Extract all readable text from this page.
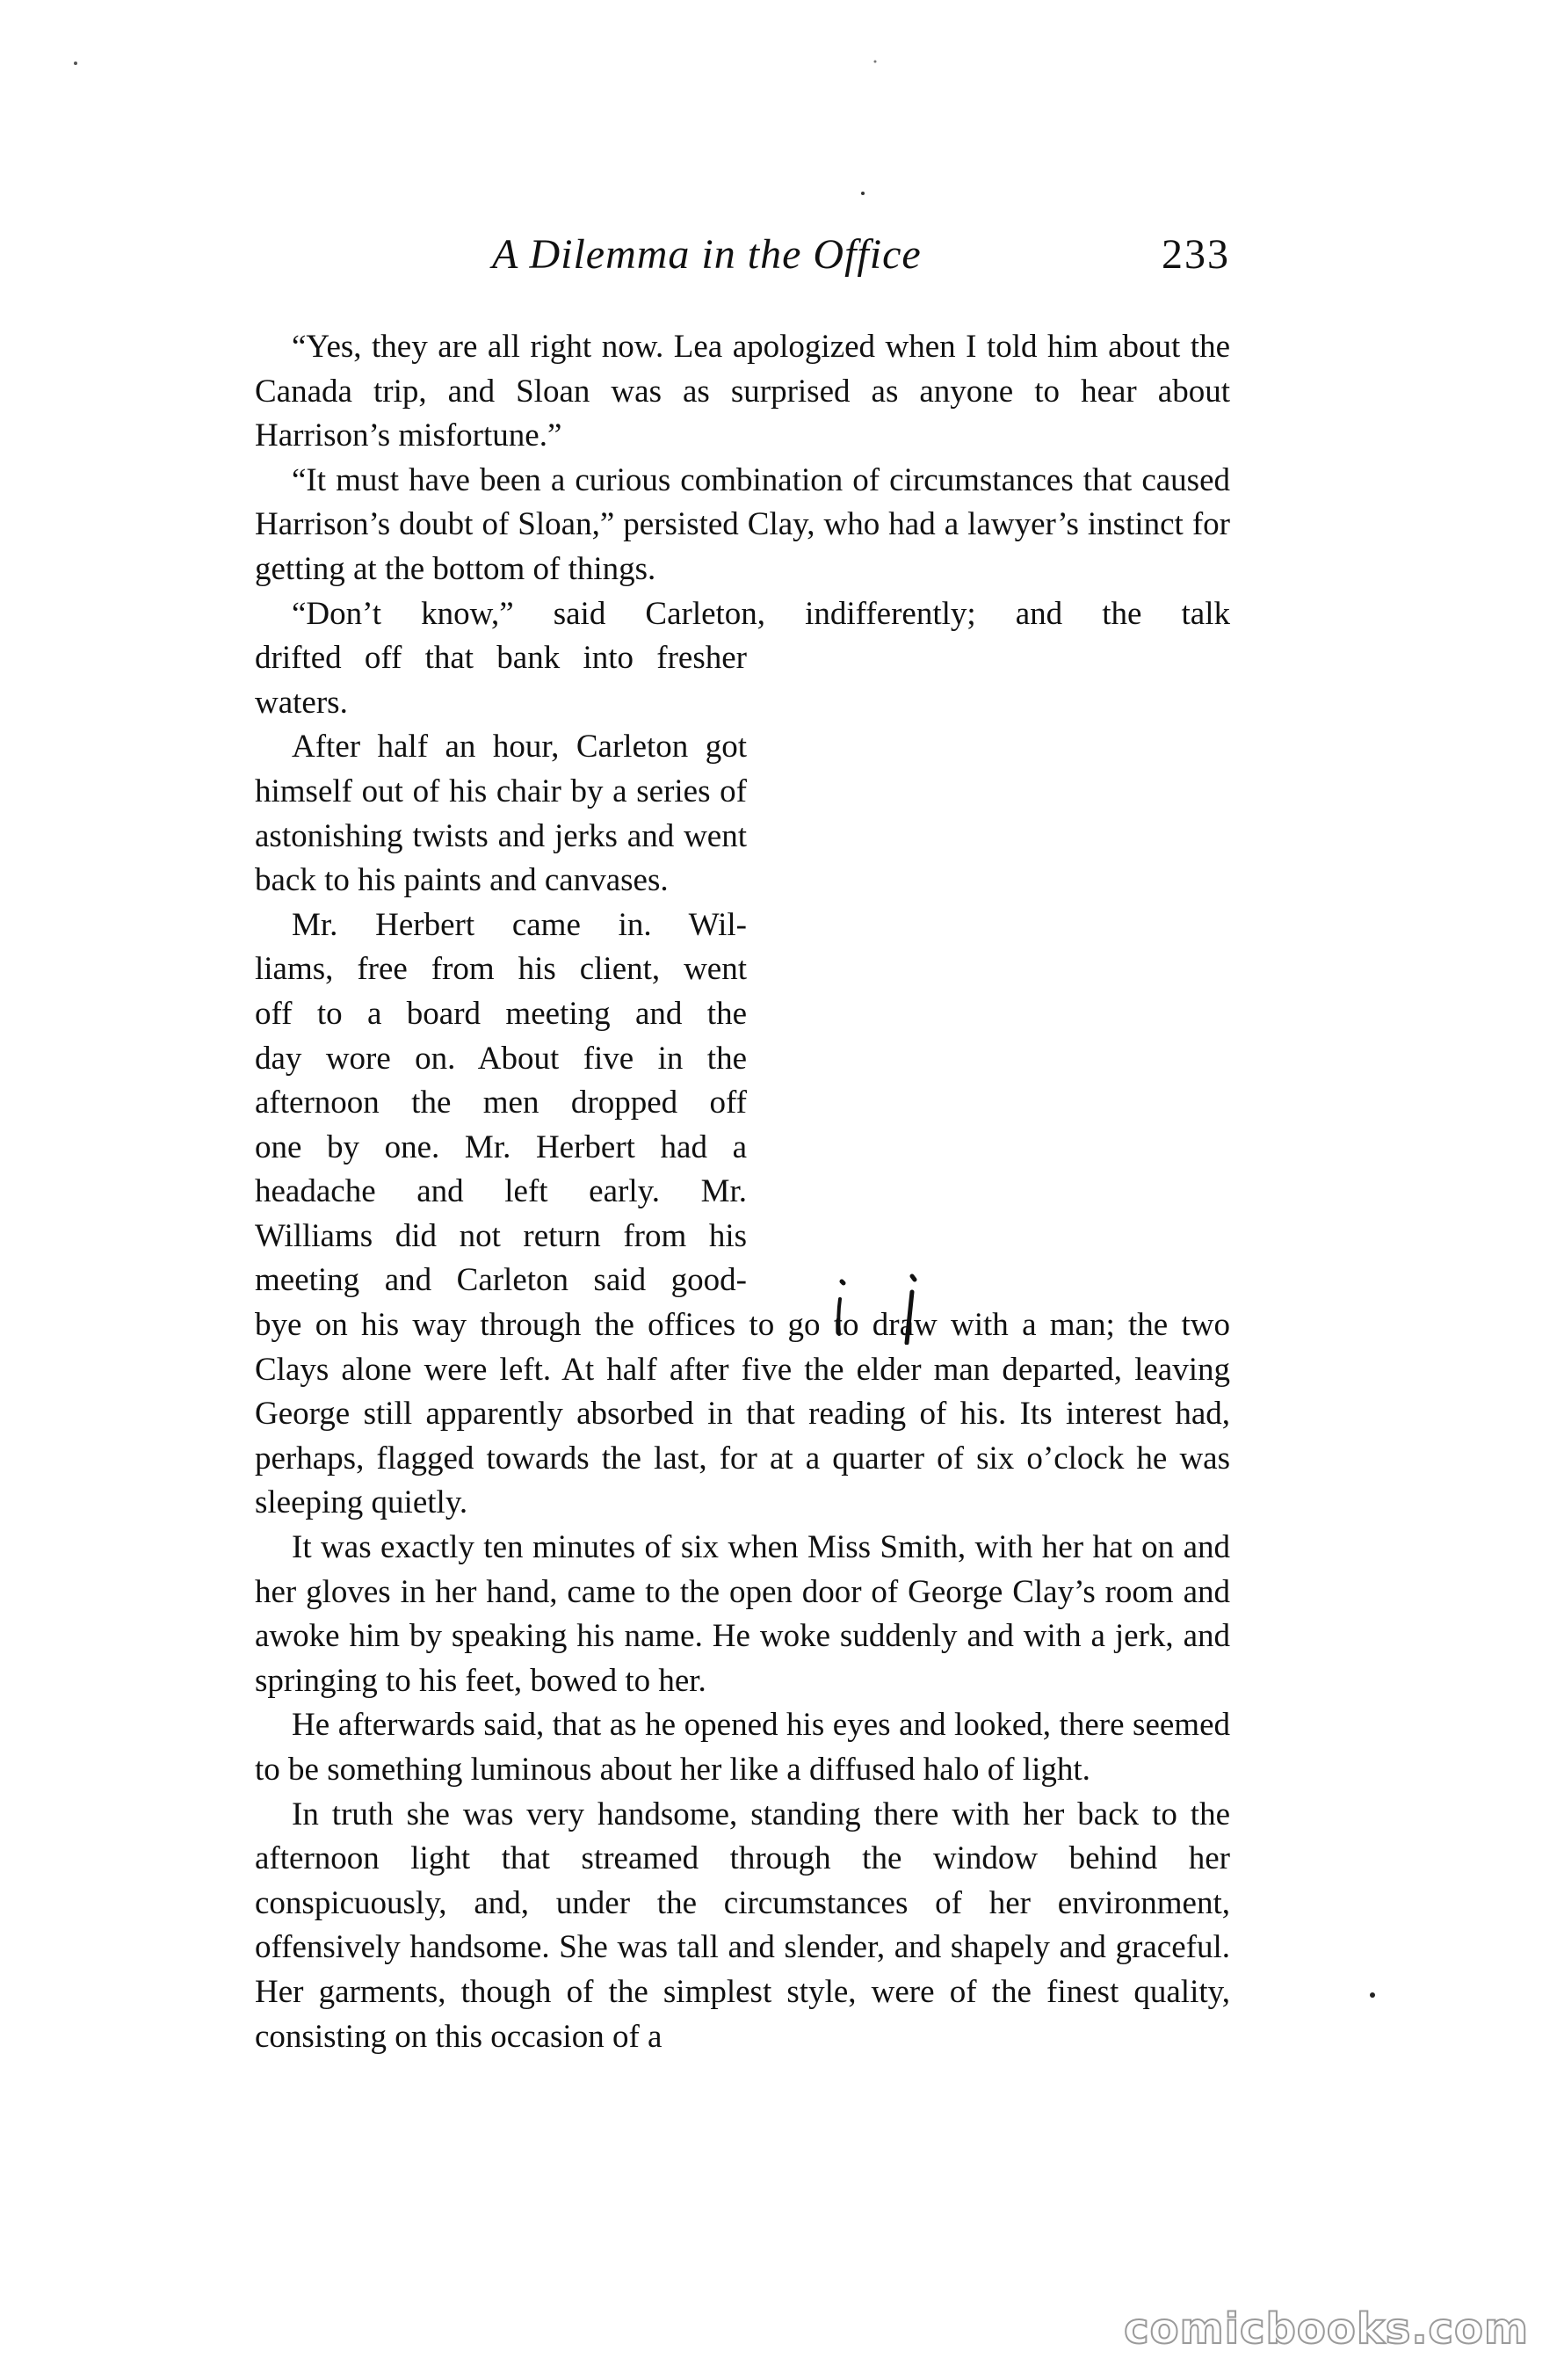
A Dilemma in the Office	233

“Yes, they are all right now. Lea apologized when I told him about the Canada trip, and Sloan was as surprised as anyone to hear about Harrison’s misfortune.”

“It must have been a curious combination of circumstances that caused Harrison’s doubt of Sloan,” persisted Clay, who had a lawyer’s instinct for getting at the bottom of things.

“Don’t know,” said Carleton, indifferently; and the talk
drifted off that bank into fresher
waters.

After half an hour, Carleton got himself out of his chair by a series of astonishing twists and jerks and went back to his paints and canvases.

Mr. Herbert came in. Wil-
liams, free from his client, went
off to a board meeting and the
day wore on. About five in the
afternoon the men dropped off
one by one. Mr. Herbert had a
headache and left early. Mr.
Williams did not return from his
meeting and Carleton said good-
bye on his way through the offices to go to draw with a man; the two Clays alone were left. At half after five the elder man departed, leaving George still apparently absorbed in that reading of his. Its interest had, perhaps, flagged towards the last, for at a quarter of six o’clock he was sleeping quietly.

It was exactly ten minutes of six when Miss Smith, with her hat on and her gloves in her hand, came to the open door of George Clay’s room and awoke him by speaking his name. He woke suddenly and with a jerk, and springing to his feet, bowed to her.

He afterwards said, that as he opened his eyes and looked, there seemed to be something luminous about her like a diffused halo of light.

In truth she was very handsome, standing there with her back to the afternoon light that streamed through the window behind her conspicuously, and, under the circumstances of her environment, offensively handsome. She was tall and slender, and shapely and graceful. Her garments, though of the simplest style, were of the finest quality, consisting on this occasion of a

comicbooks.com
